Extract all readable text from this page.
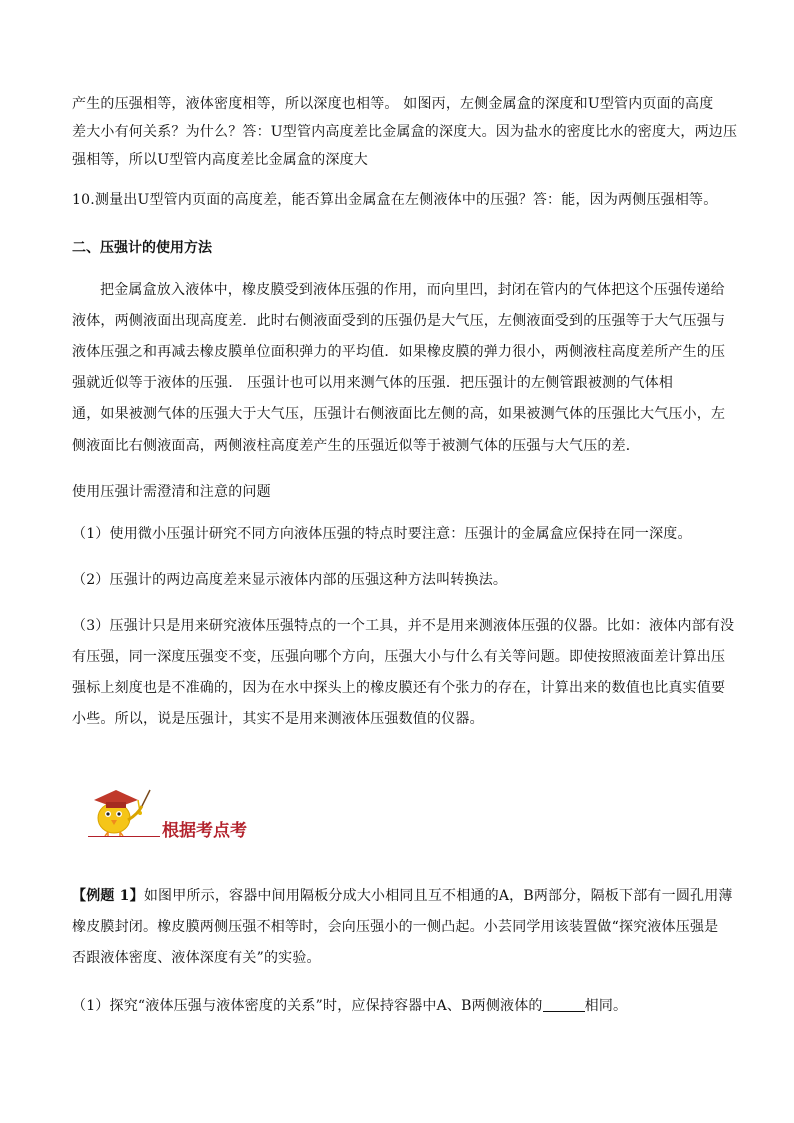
产生的压强相等，液体密度相等，所以深度也相等。 如图丙，左侧金属盒的深度和U型管内页面的高度
差大小有何关系？为什么？答：U型管内高度差比金属盒的深度大。因为盐水的密度比水的密度大，两边压
强相等，所以U型管内高度差比金属盒的深度大
10.测量出U型管内页面的高度差，能否算出金属盒在左侧液体中的压强？答：能，因为两侧压强相等。
二、压强计的使用方法
把金属盒放入液体中，橡皮膜受到液体压强的作用，而向里凹，封闭在管内的气体把这个压强传递给
液体，两侧液面出现高度差．此时右侧液面受到的压强仍是大气压，左侧液面受到的压强等于大气压强与
液体压强之和再减去橡皮膜单位面积弹力的平均值．如果橡皮膜的弹力很小，两侧液柱高度差所产生的压
强就近似等于液体的压强． 压强计也可以用来测气体的压强．把压强计的左侧管跟被测的气体相
通，如果被测气体的压强大于大气压，压强计右侧液面比左侧的高，如果被测气体的压强比大气压小，左
侧液面比右侧液面高，两侧液柱高度差产生的压强近似等于被测气体的压强与大气压的差．
使用压强计需澄清和注意的问题
（1）使用微小压强计研究不同方向液体压强的特点时要注意：压强计的金属盒应保持在同一深度。
（2）压强计的两边高度差来显示液体内部的压强这种方法叫转换法。
（3）压强计只是用来研究液体压强特点的一个工具，并不是用来测液体压强的仪器。比如：液体内部有没
有压强，同一深度压强变不变，压强向哪个方向，压强大小与什么有关等问题。即使按照液面差计算出压
强标上刻度也是不准确的，因为在水中探头上的橡皮膜还有个张力的存在，计算出来的数值也比真实值要
小些。所以，说是压强计，其实不是用来测液体压强数值的仪器。
根据考点考
【例题 1】如图甲所示，容器中间用隔板分成大小相同且互不相通的A，B两部分，隔板下部有一圆孔用薄
橡皮膜封闭。橡皮膜两侧压强不相等时，会向压强小的一侧凸起。小芸同学用该装置做“探究液体压强是
否跟液体密度、液体深度有关”的实验。
（1）探究“液体压强与液体密度的关系”时，应保持容器中A、B两侧液体的	相同。
